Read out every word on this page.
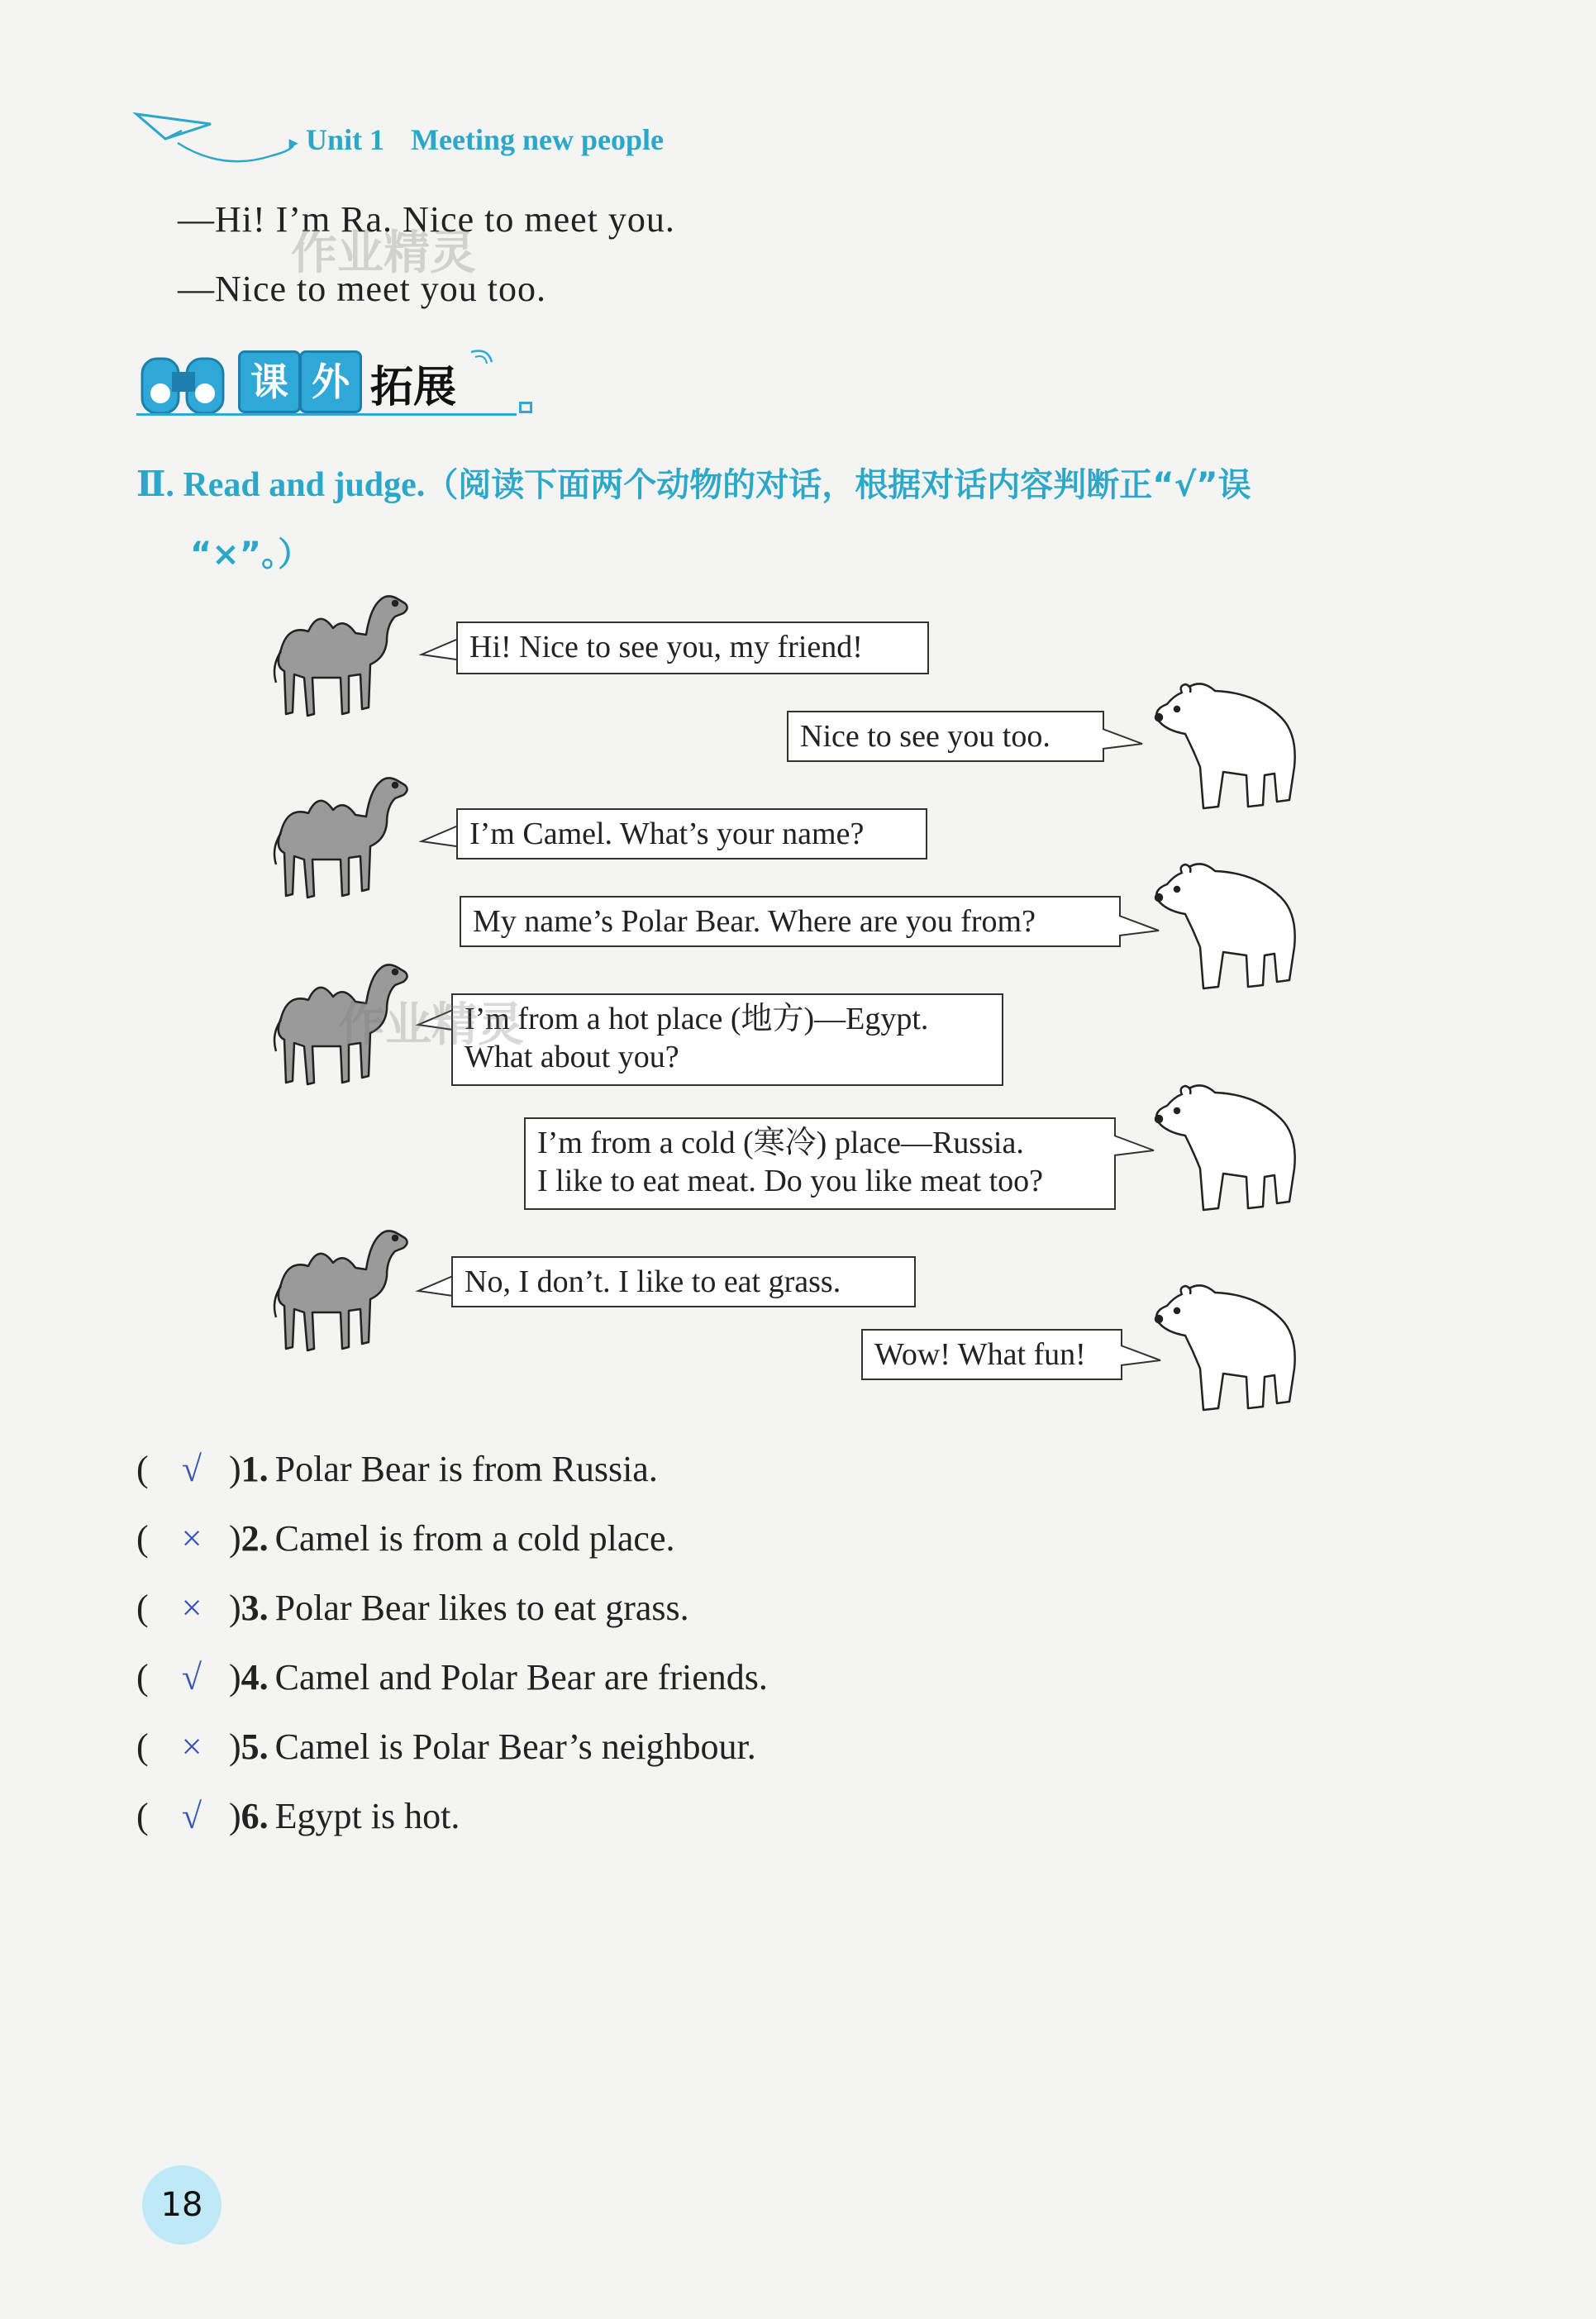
▸ Unit 1 Meeting new people
—Hi! I’m Ra. Nice to meet you.
—Nice to meet you too.
课 外 拓展
Ⅱ. Read and judge.（阅读下面两个动物的对话，根据对话内容判断正“√”误
“×”。）
Hi! Nice to see you, my friend!
Nice to see you too.
I’m Camel. What’s your name?
My name’s Polar Bear. Where are you from?
I’m from a hot place (地方)—Egypt.
What about you?
I’m from a cold (寒冷) place—Russia.
I like to eat meat. Do you like meat too?
No, I don’t. I like to eat grass.
Wow! What fun!
( √ ) 1. Polar Bear is from Russia.
( × ) 2. Camel is from a cold place.
( × ) 3. Polar Bear likes to eat grass.
( √ ) 4. Camel and Polar Bear are friends.
( × ) 5. Camel is Polar Bear’s neighbour.
( √ ) 6. Egypt is hot.
18
作业精灵
作业精灵
